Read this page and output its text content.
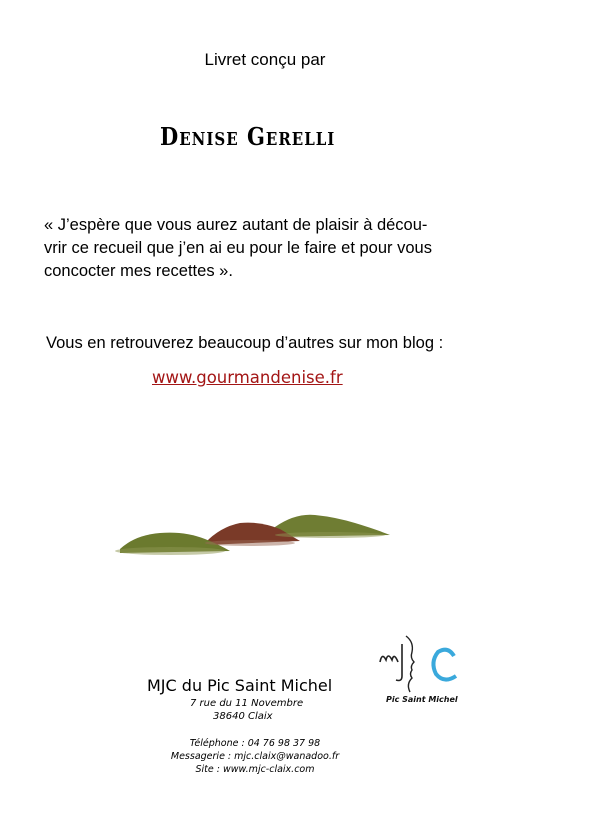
Livret conçu par
Denise Gerelli
« J’espère que vous aurez autant de plaisir à décou-
vrir ce recueil que j’en ai eu pour le faire et pour vous
concocter mes recettes ».
Vous en retrouverez beaucoup d’autres sur mon blog :
www.gourmandenise.fr
MJC du Pic Saint Michel
7 rue du 11 Novembre
38640 Claix
Téléphone : 04 76 98 37 98
Messagerie : mjc.claix@wanadoo.fr
Site : www.mjc-claix.com
Pic Saint Michel
